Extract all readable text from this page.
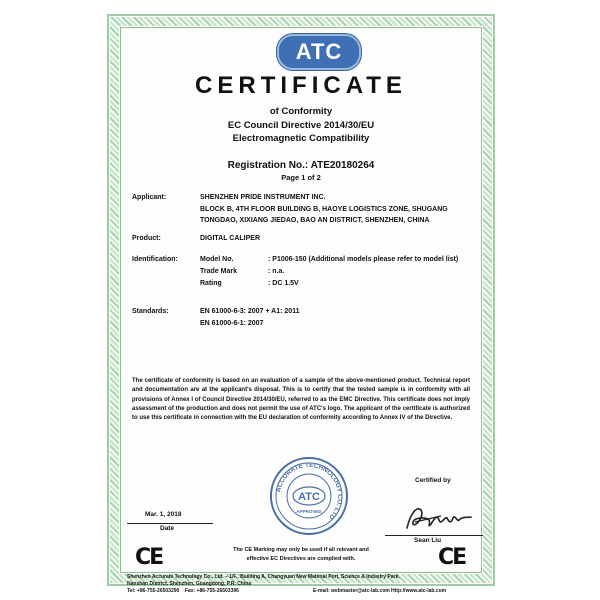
ATC
CERTIFICATE
of Conformity
EC Council Directive 2014/30/EU
Electromagnetic Compatibility
Registration No.: ATE20180264
Page 1 of 2
Applicant:	SHENZHEN PRIDE INSTRUMENT INC.
BLOCK B, 4TH FLOOR BUILDING B, HAOYE LOGISTICS ZONE, SHUGANG
TONGDAO, XIXIANG JIEDAO, BAO AN DISTRICT, SHENZHEN, CHINA
Product:	DIGITAL CALIPER
Identification:	Model No.	: P1006-150 (Additional models please refer to model list)
Trade Mark	: n.a.
Rating	: DC 1.5V
Standards:	EN 61000-6-3: 2007 + A1: 2011
EN 61000-6-1: 2007
The certificate of conformity is based on an evaluation of a sample of the above-mentioned product. Technical report and documentation are at the applicant's disposal. This is to certify that the tested sample is in conformity with all provisions of Annex I of Council Directive 2014/30/EU, referred to as the EMC Directive. This certificate does not imply assessment of the production and does not permit the use of ATC's logo. The applicant of the certificate is authorized to use this certificate in connection with the EU declaration of conformity according to Annex IV of the Directive.
ACCURATE TECHNOLOGY CO. LTD
ATC
APPROVED
Certified by
Sean Liu
Mar. 1, 2018
Date
CE	CE
The CE Marking may only be used if all relevant and
effective EC Directives are complied with.
Shenzhen Accurate Technology Co., Ltd. – 1/F., Building A, Changyuan New Material Port, Science & Industry Park,
Nanshan District, Shenzhen, Guangdong, P.R. China
Tel: +86-755-26503290    Fax: +86-755-26503396	E-mail: webmaster@atc-lab.com Http://www.atc-lab.com
